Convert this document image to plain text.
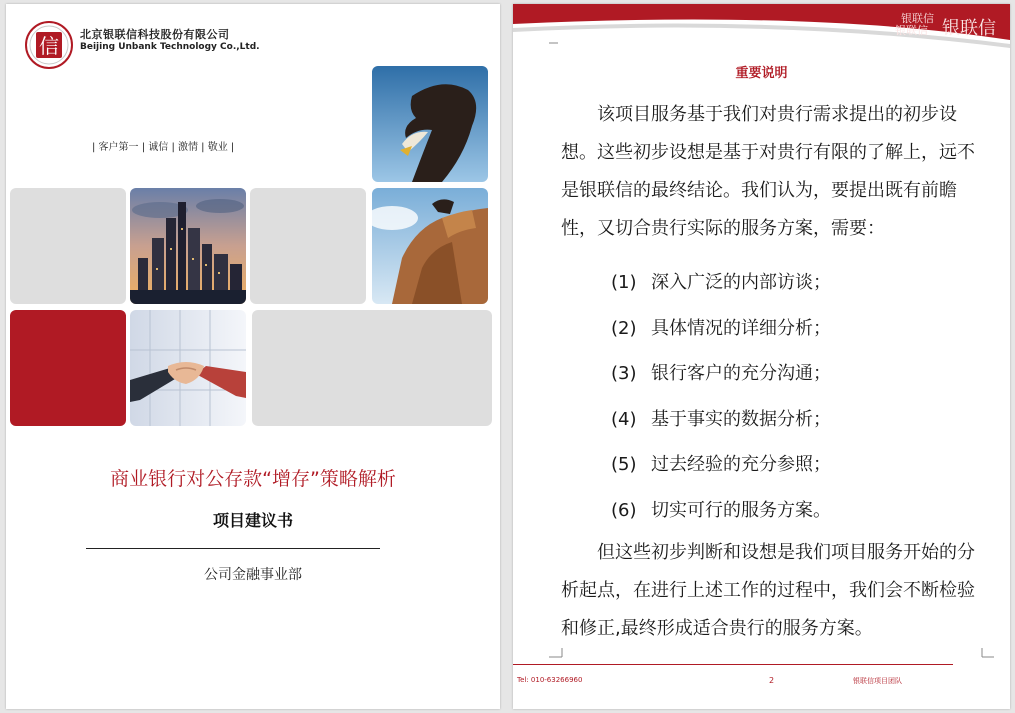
信 北京银联信科技股份有限公司
Beijing Unbank Technology Co.,Ltd.
| 客户第一 | 诚信 | 激情 | 敬业 |
商业银行对公存款“增存”策略解析
项目建议书
公司金融事业部
银联信
银联信 银联信
重要说明
该项目服务基于我们对贵行需求提出的初步设想。这些初步设想是基于对贵行有限的了解上，远不是银联信的最终结论。我们认为，要提出既有前瞻性，又切合贵行实际的服务方案，需要：
(1) 深入广泛的内部访谈；
(2) 具体情况的详细分析；
(3) 银行客户的充分沟通；
(4) 基于事实的数据分析；
(5) 过去经验的充分参照；
(6) 切实可行的服务方案。
但这些初步判断和设想是我们项目服务开始的分析起点，在进行上述工作的过程中，我们会不断检验和修正,最终形成适合贵行的服务方案。
Tel: 010-63266960	2	银联信项目团队
